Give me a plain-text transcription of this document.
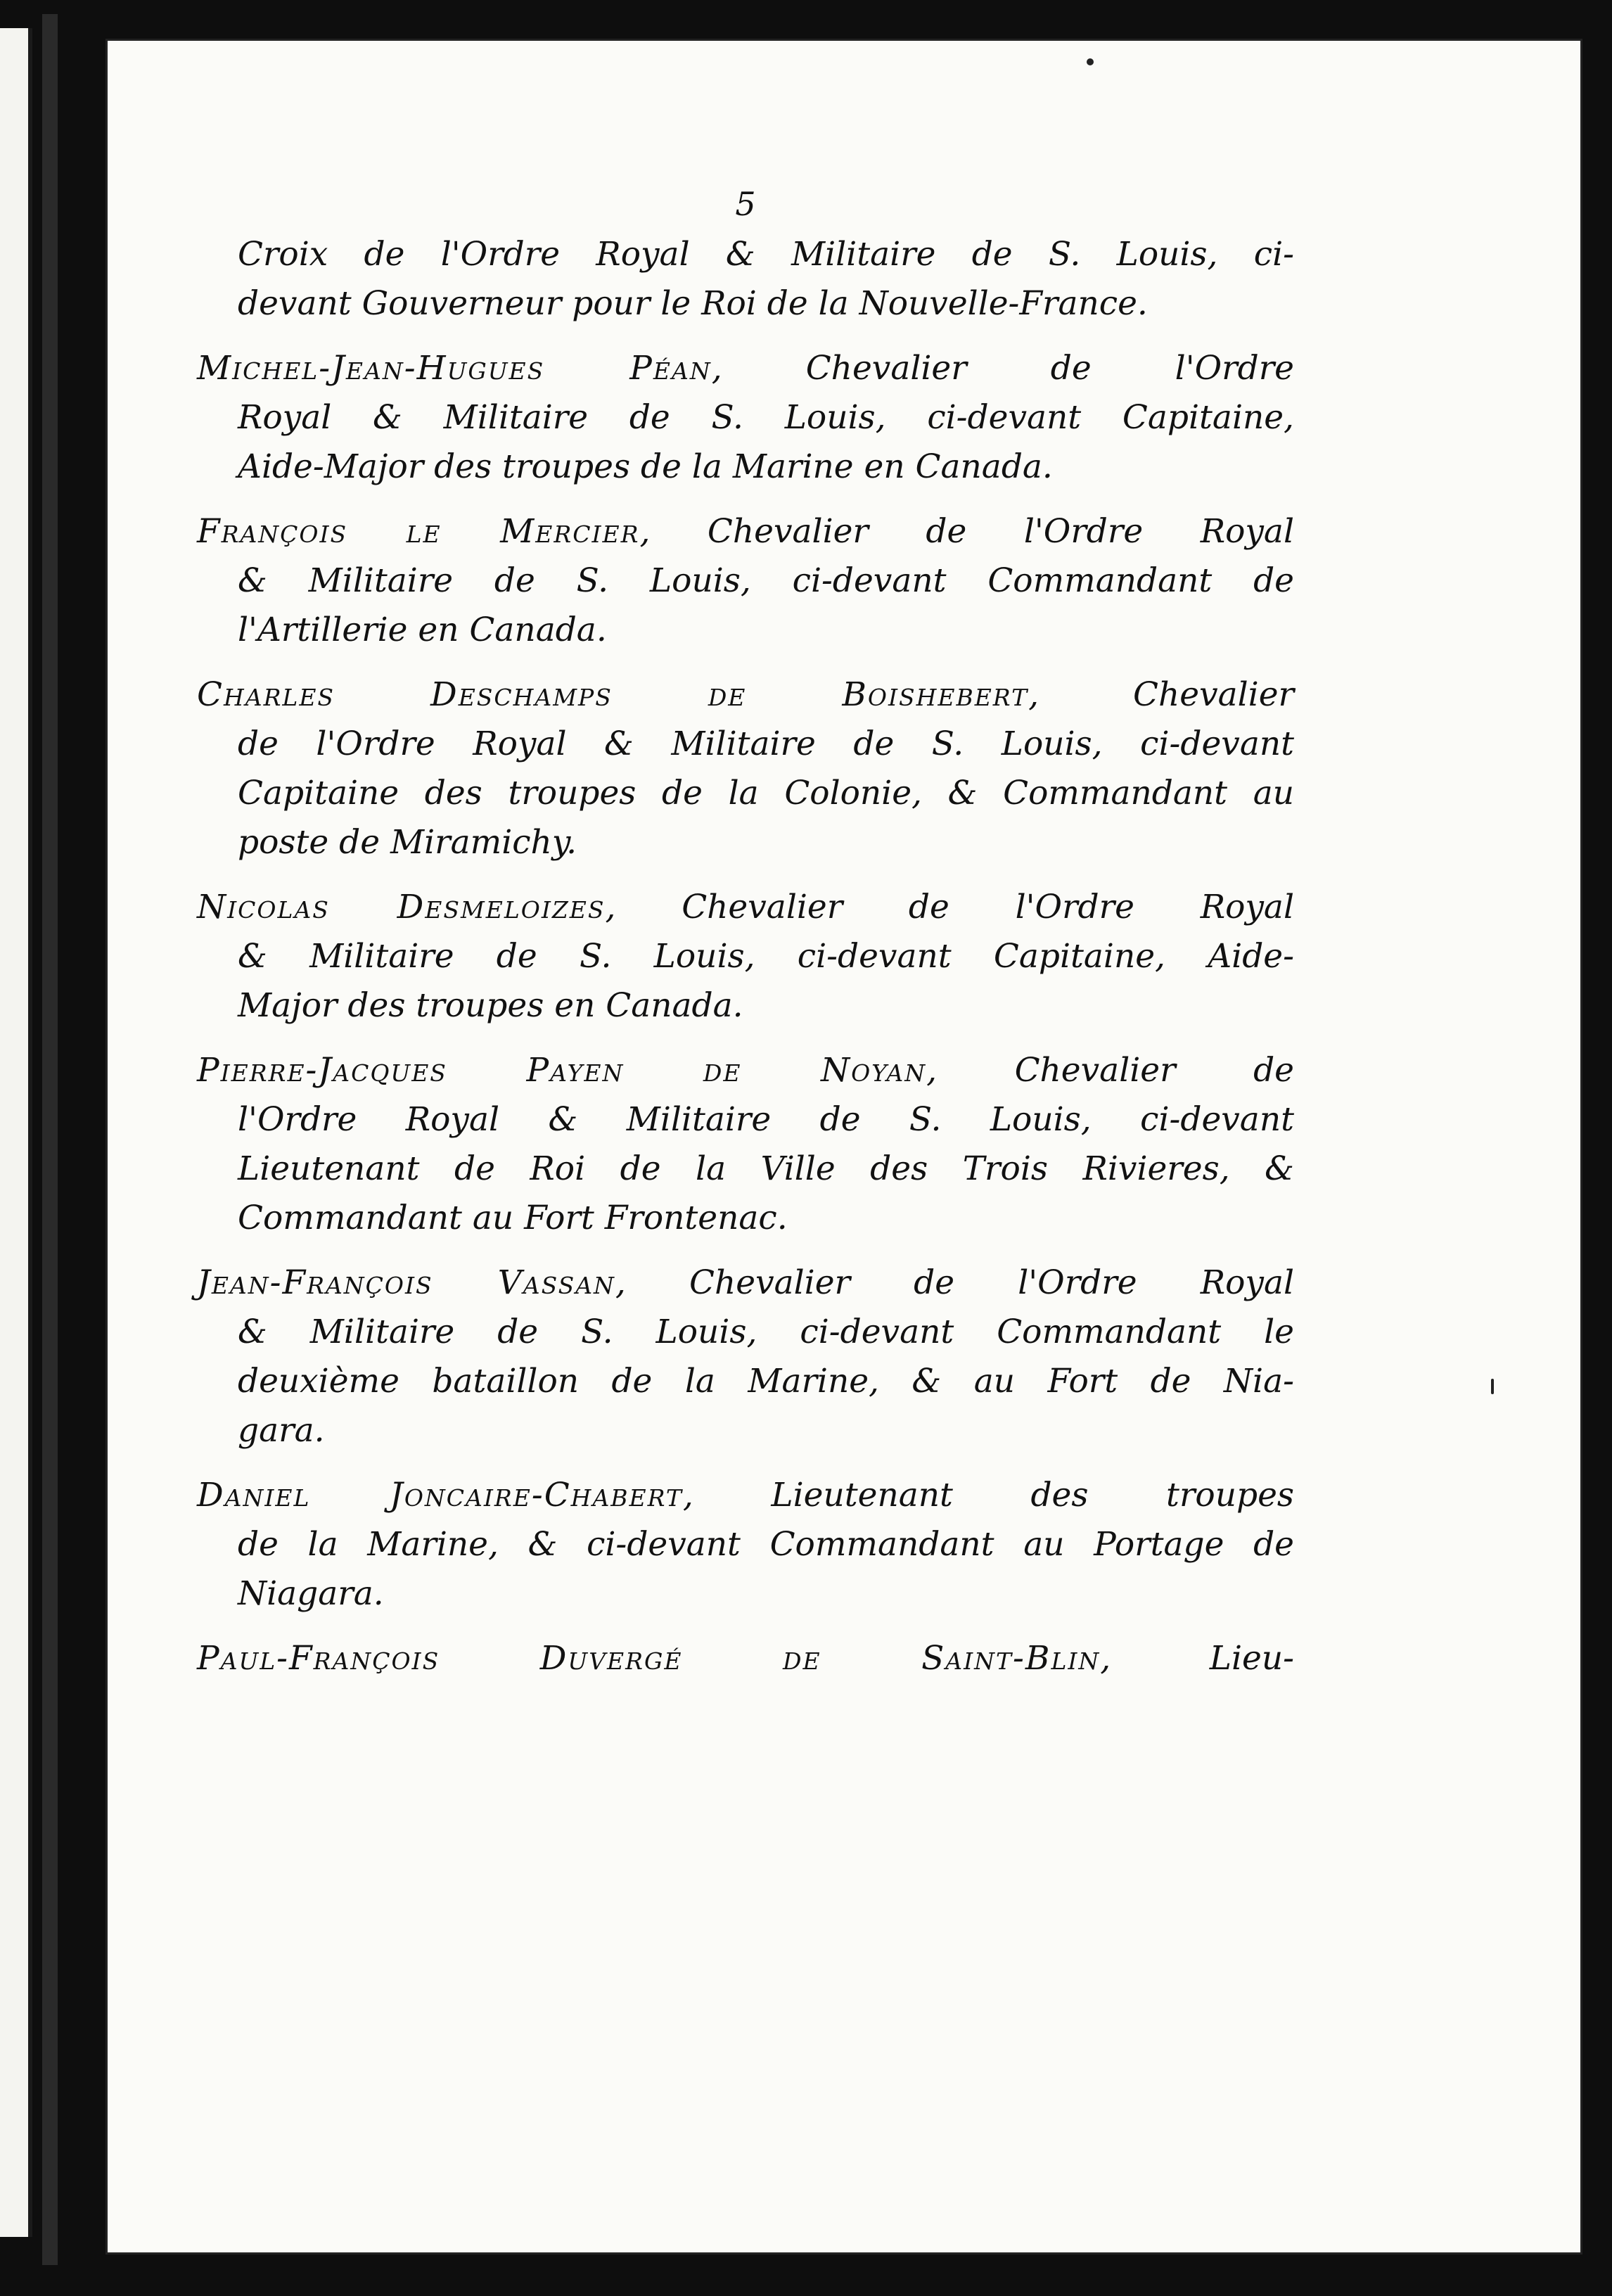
5
Croix de l'Ordre Royal & Militaire de S. Louis, ci-
devant Gouverneur pour le Roi de la Nouvelle-France.
Michel-Jean-Hugues Péan, Chevalier de l'Ordre
Royal & Militaire de S. Louis, ci-devant Capitaine,
Aide-Major des troupes de la Marine en Canada.
François le Mercier, Chevalier de l'Ordre Royal
& Militaire de S. Louis, ci-devant Commandant de
l'Artillerie en Canada.
Charles Deschamps de Boishebert, Chevalier
de l'Ordre Royal & Militaire de S. Louis, ci-devant
Capitaine des troupes de la Colonie, & Commandant au
poste de Miramichy.
Nicolas Desmeloizes, Chevalier de l'Ordre Royal
& Militaire de S. Louis, ci-devant Capitaine, Aide-
Major des troupes en Canada.
Pierre-Jacques Payen de Noyan, Chevalier de
l'Ordre Royal & Militaire de S. Louis, ci-devant
Lieutenant de Roi de la Ville des Trois Rivieres, &
Commandant au Fort Frontenac.
Jean-François Vassan, Chevalier de l'Ordre Royal
& Militaire de S. Louis, ci-devant Commandant le
deuxième bataillon de la Marine, & au Fort de Nia-
gara.
Daniel Joncaire-Chabert, Lieutenant des troupes
de la Marine, & ci-devant Commandant au Portage de
Niagara.
Paul-François Duvergé de Saint-Blin, Lieu-
